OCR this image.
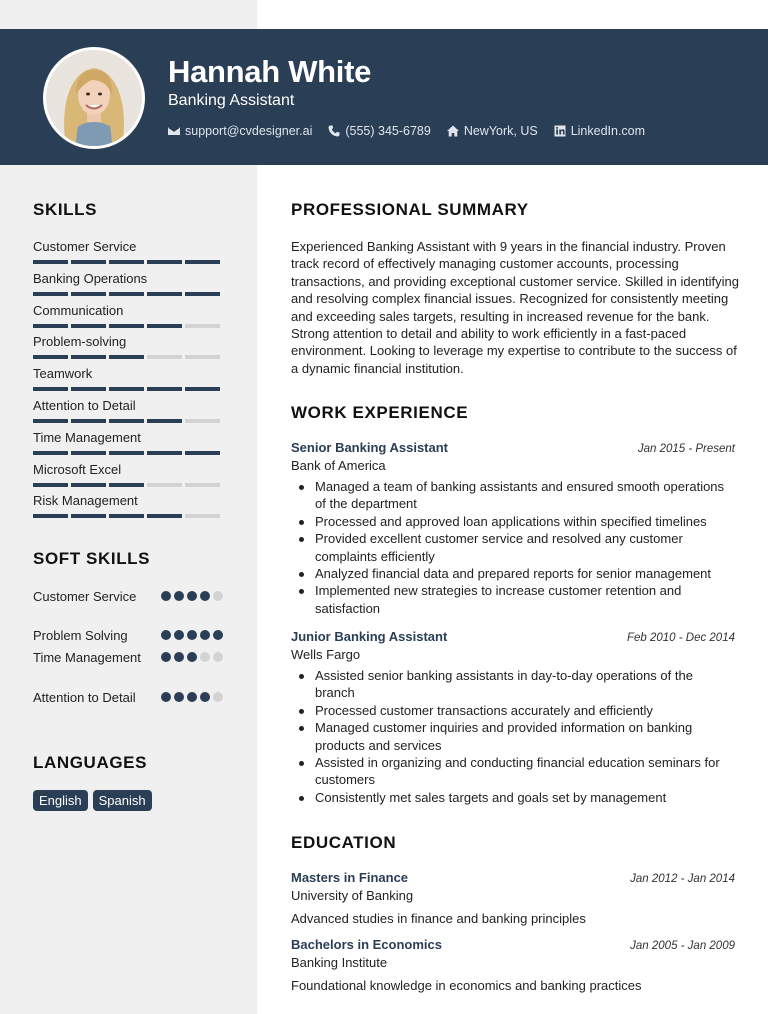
Hannah White
Banking Assistant
support@cvdesigner.ai	(555) 345-6789	NewYork, US	LinkedIn.com
SKILLS
Customer Service
Banking Operations
Communication
Problem-solving
Teamwork
Attention to Detail
Time Management
Microsoft Excel
Risk Management
SOFT SKILLS
Customer Service
Problem Solving
Time Management
Attention to Detail
LANGUAGES
English	Spanish
PROFESSIONAL SUMMARY
Experienced Banking Assistant with 9 years in the financial industry. Proven track record of effectively managing customer accounts, processing transactions, and providing exceptional customer service. Skilled in identifying and resolving complex financial issues. Recognized for consistently meeting and exceeding sales targets, resulting in increased revenue for the bank. Strong attention to detail and ability to work efficiently in a fast-paced environment. Looking to leverage my expertise to contribute to the success of a dynamic financial institution.
WORK EXPERIENCE
Senior Banking Assistant	Jan 2015 - Present
Bank of America
Managed a team of banking assistants and ensured smooth operations of the department
Processed and approved loan applications within specified timelines
Provided excellent customer service and resolved any customer complaints efficiently
Analyzed financial data and prepared reports for senior management
Implemented new strategies to increase customer retention and satisfaction
Junior Banking Assistant	Feb 2010 - Dec 2014
Wells Fargo
Assisted senior banking assistants in day-to-day operations of the branch
Processed customer transactions accurately and efficiently
Managed customer inquiries and provided information on banking products and services
Assisted in organizing and conducting financial education seminars for customers
Consistently met sales targets and goals set by management
EDUCATION
Masters in Finance	Jan 2012 - Jan 2014
University of Banking
Advanced studies in finance and banking principles
Bachelors in Economics	Jan 2005 - Jan 2009
Banking Institute
Foundational knowledge in economics and banking practices
